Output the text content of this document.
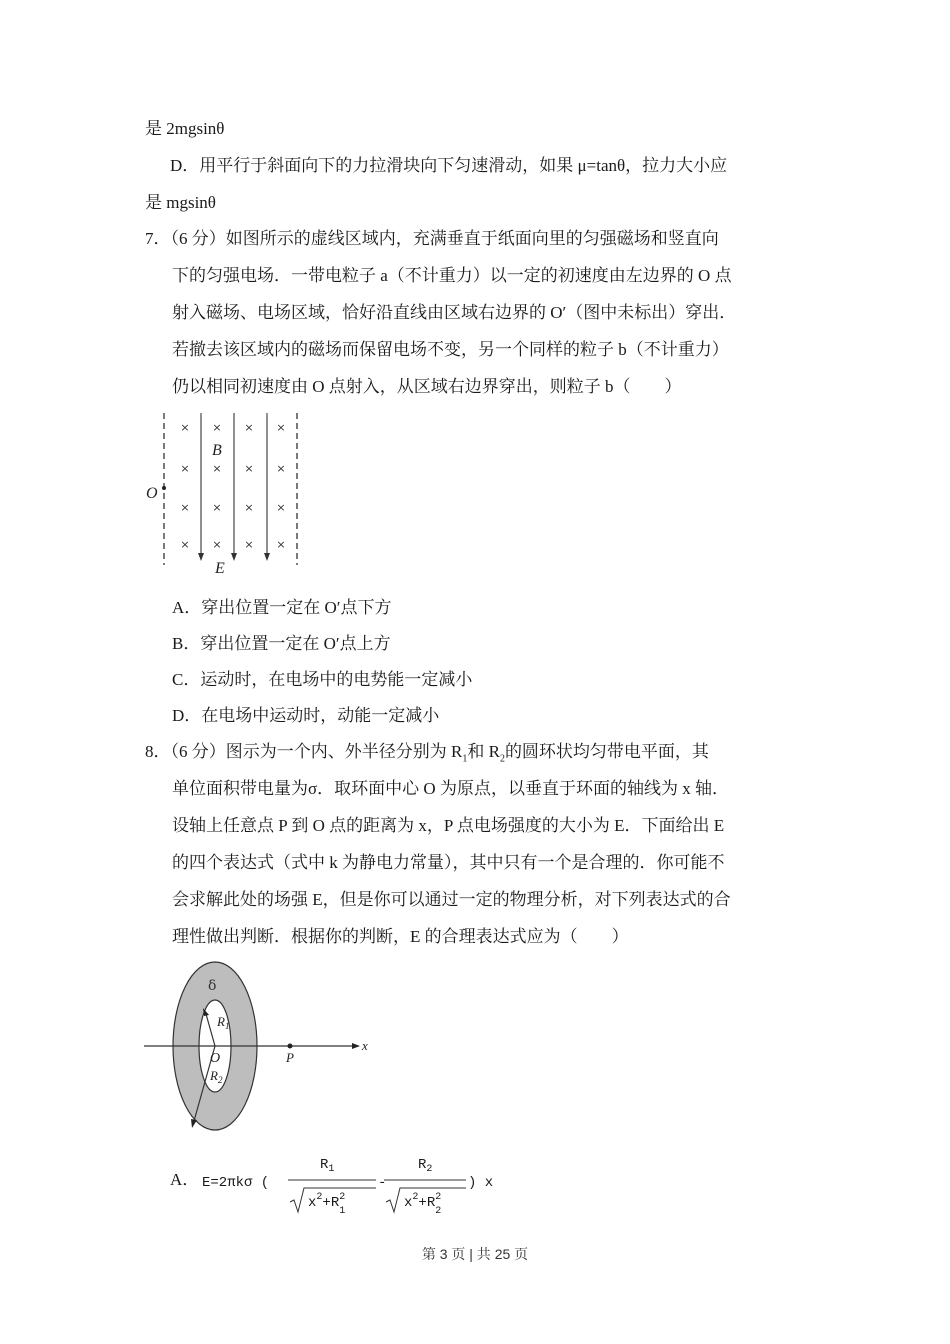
是 2mgsinθ
D．用平行于斜面向下的力拉滑块向下匀速滑动，如果 μ=tanθ，拉力大小应
是 mgsinθ
7．（6 分）如图所示的虚线区域内，充满垂直于纸面向里的匀强磁场和竖直向
下的匀强电场．一带电粒子 a（不计重力）以一定的初速度由左边界的 O 点
射入磁场、电场区域，恰好沿直线由区域右边界的 O′（图中未标出）穿出．
若撤去该区域内的磁场而保留电场不变，另一个同样的粒子 b（不计重力）
仍以相同初速度由 O 点射入，从区域右边界穿出，则粒子 b（　　）
× × × ×
× × × ×
× × × ×
× × × ×
B
O
E
A．穿出位置一定在 O′点下方
B．穿出位置一定在 O′点上方
C．运动时，在电场中的电势能一定减小
D．在电场中运动时，动能一定减小
8．（6 分）图示为一个内、外半径分别为 $R_1$和 $R_2$的圆环状均匀带电平面，其
单位面积带电量为σ．取环面中心 O 为原点，以垂直于环面的轴线为 x 轴．
设轴上任意点 P 到 O 点的距离为 x，P 点电场强度的大小为 E．下面给出 E
的四个表达式（式中 k 为静电力常量），其中只有一个是合理的．你可能不
会求解此处的场强 E，但是你可以通过一定的物理分析，对下列表达式的合
理性做出判断．根据你的判断，E 的合理表达式应为（　　）
δ
$R_1$
O
$R_2$
P
x
A． E=2πkσ (
$R_1$
$x^2+R^2$ 1
-
$R_2$
$x^2+R^2$ 2
) x
第 3 页 | 共 25 页
